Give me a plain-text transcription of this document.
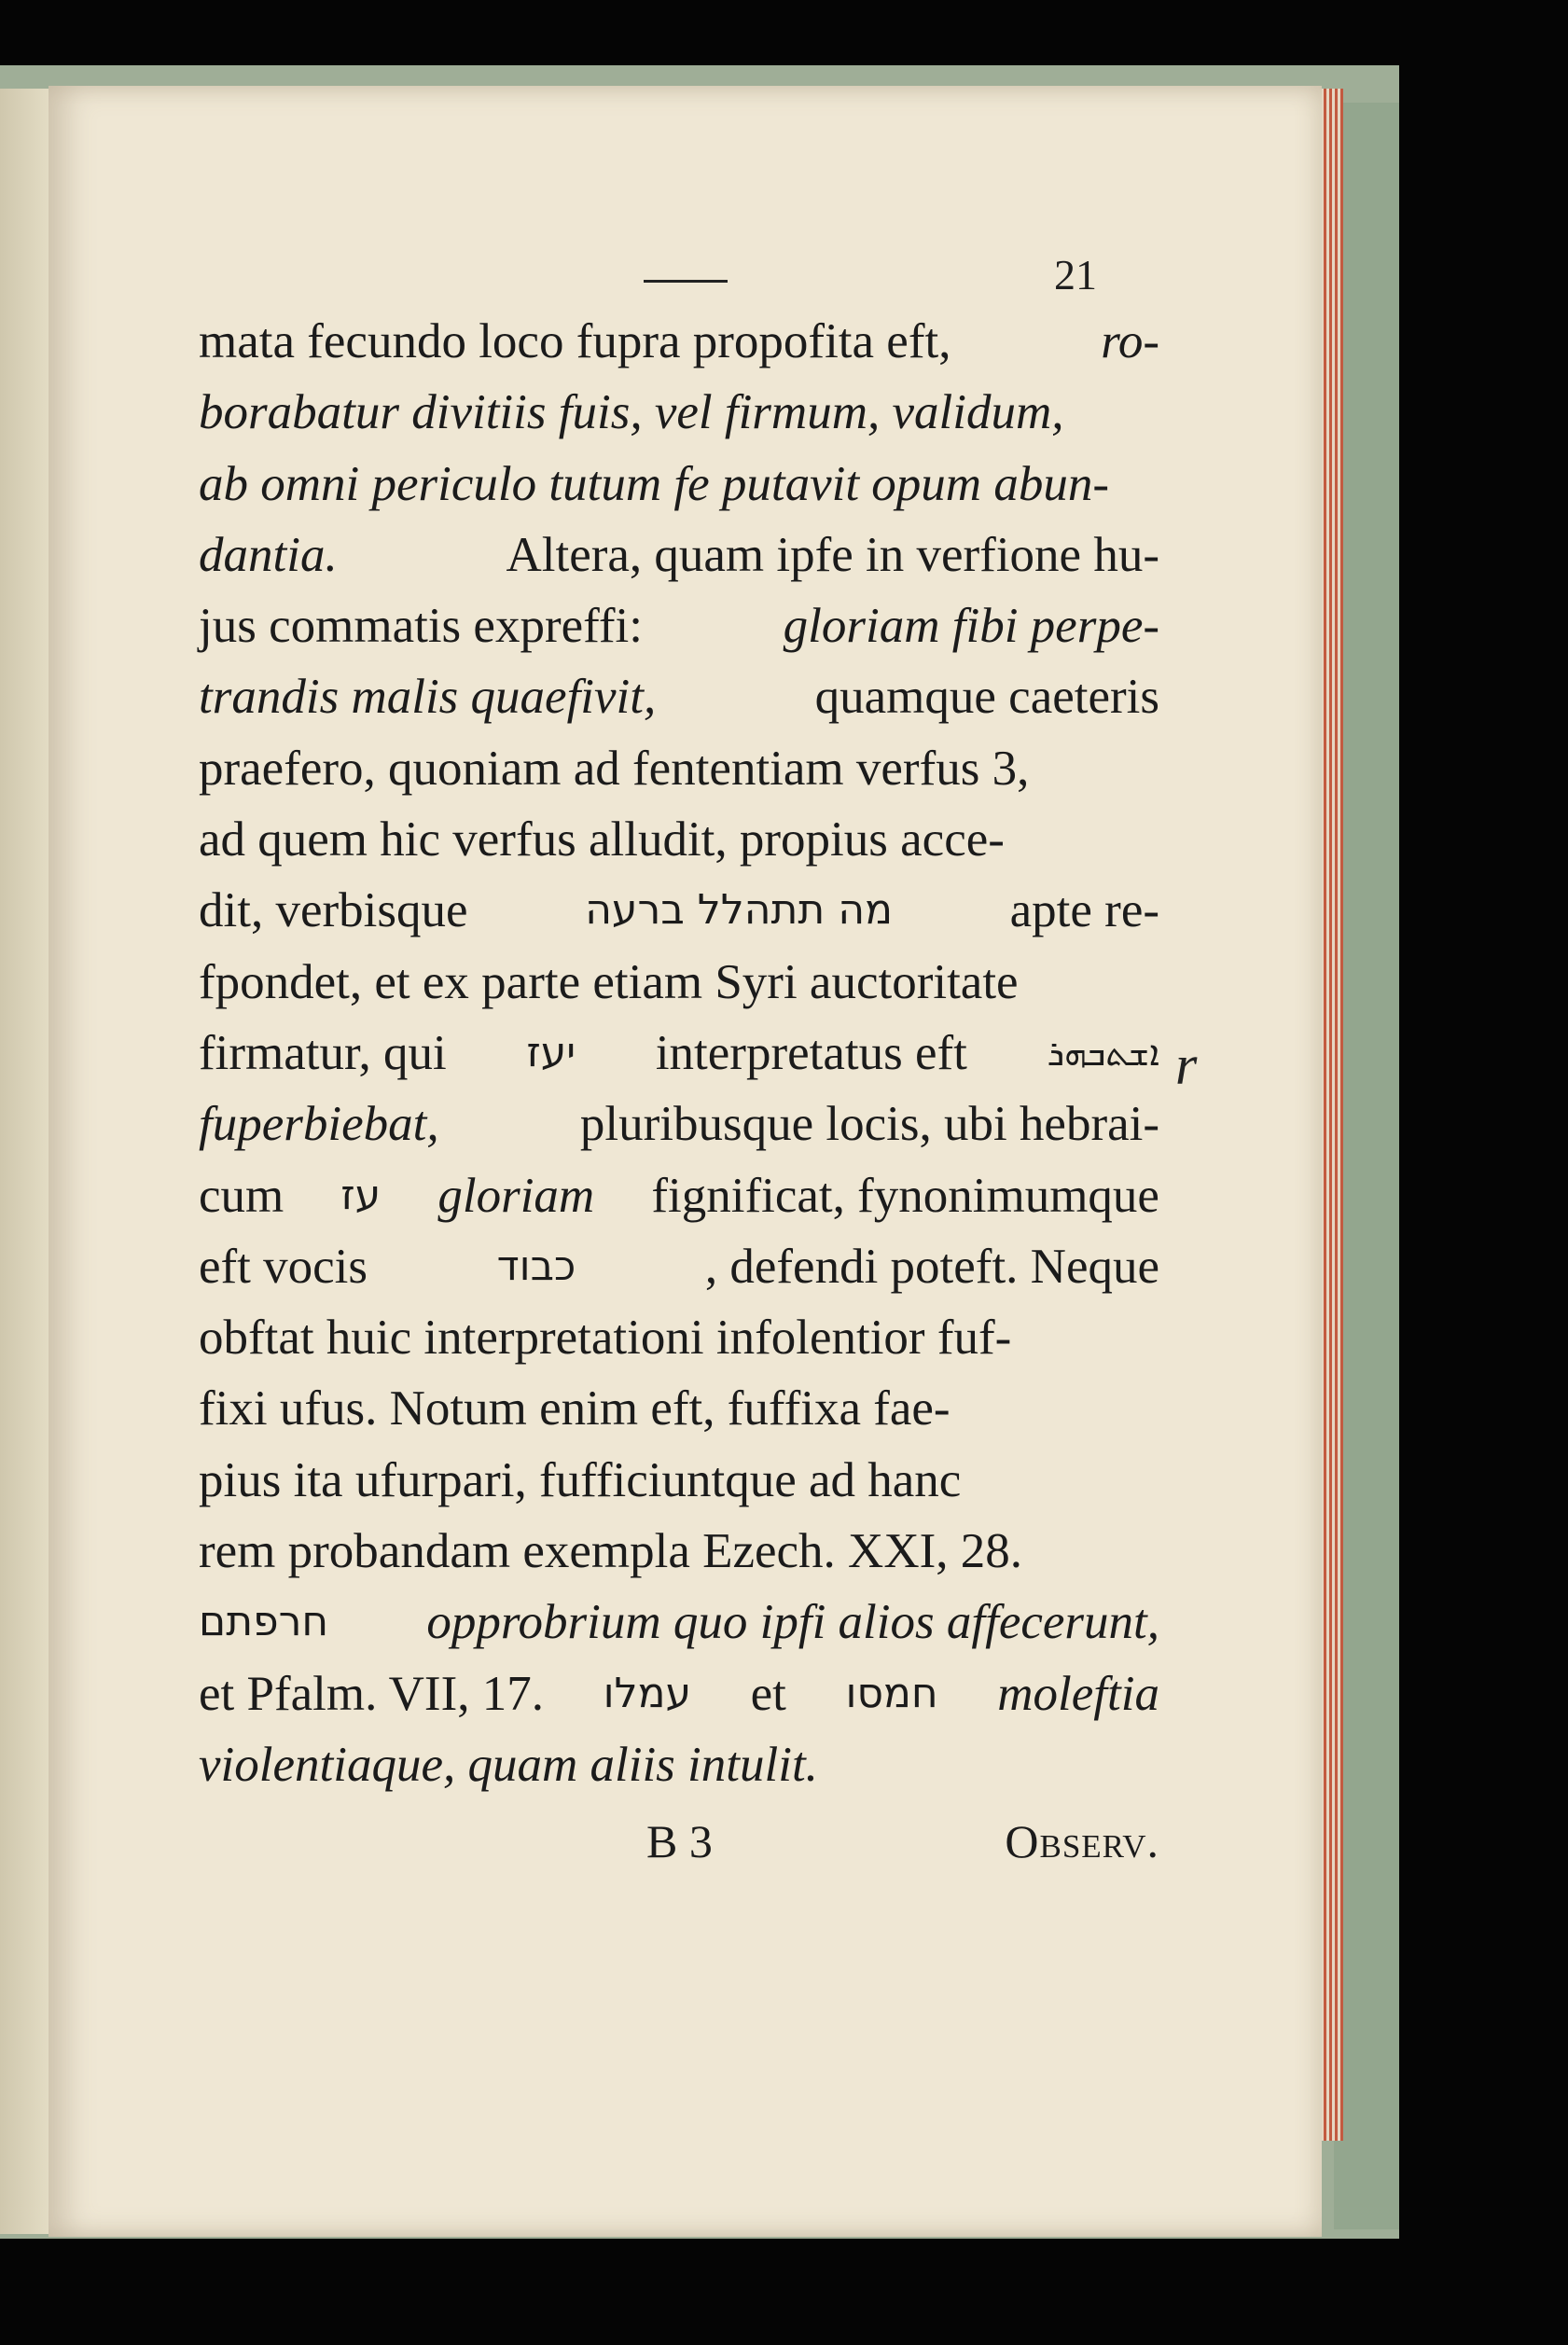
21
mata fecundo loco fupra propofita eft,	ro-
borabatur divitiis fuis, vel firmum, validum,
ab omni periculo tutum fe putavit opum abun-
dantia.	Altera, quam ipfe in verfione hu-
jus commatis expreffi:	gloriam fibi perpe-
trandis malis quaefivit,	quamque caeteris
praefero, quoniam ad fententiam verfus 3,
ad quem hic verfus alludit, propius acce-
dit, verbisque	מה תתהלל ברעה apte re-
fpondet, et ex parte etiam Syri auctoritate
firmatur, qui יעז interpretatus eft ܐܫܬܒܗܪ
fuperbiebat,	pluribusque locis, ubi hebrai-
cum עז gloriam fignificat, fynonimumque
eft vocis	כבוד	, defendi poteft. Neque
obftat huic interpretationi infolentior fuf-
fixi ufus. Notum enim eft, fuffixa fae-
pius ita ufurpari, fufficiuntque ad hanc
rem probandam exempla Ezech. XXI, 28.
חרפתם opprobrium quo ipfi alios affecerunt,
et Pfalm. VII, 17. עמלו et חמסו moleftia
violentiaque, quam aliis intulit.
r
B 3	Observ.
